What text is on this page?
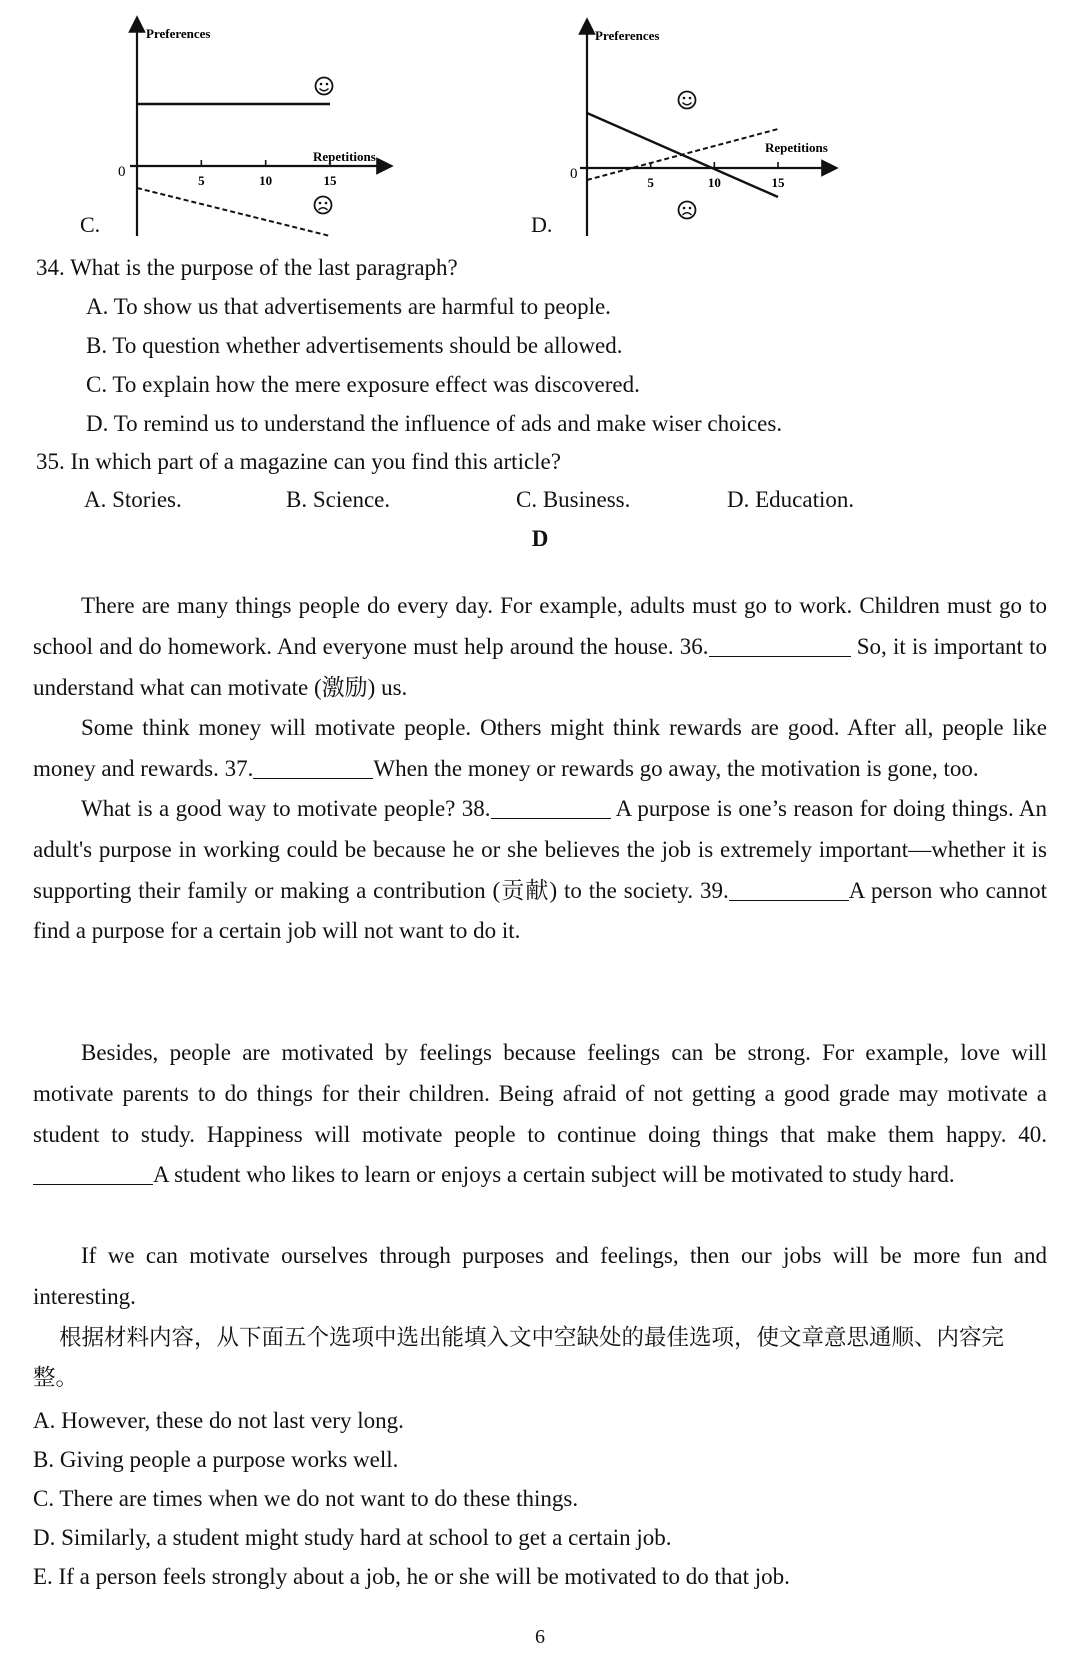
Preferences
Repetitions
0
5	10	15
C.
Preferences
Repetitions
0
5	10	15
D.
34. What is the purpose of the last paragraph?
A. To show us that advertisements are harmful to people.
B. To question whether advertisements should be allowed.
C. To explain how the mere exposure effect was discovered.
D. To remind us to understand the influence of ads and make wiser choices.
35. In which part of a magazine can you find this article?
A. Stories.	B. Science.	C. Business.	D. Education.
D

There are many things people do every day. For example, adults must go to work. Children must go to school and do homework. And everyone must help around the house. 36.	So, it is important to understand what can motivate (激励) us.

Some think money will motivate people. Others might think rewards are good. After all, people like money and rewards. 37.	When the money or rewards go away, the motivation is gone, too.

What is a good way to motivate people? 38.	A purpose is one’s reason for doing things. An adult's purpose in working could be because he or she believes the job is extremely important—whether it is supporting their family or making a contribution (贡献) to the society. 39.	A person who cannot find a purpose for a certain job will not want to do it.

Besides, people are motivated by feelings because feelings can be strong. For example, love will motivate parents to do things for their children. Being afraid of not getting a good grade may motivate a student to study. Happiness will motivate people to continue doing things that make them happy. 40.A student who likes to learn or enjoys a certain subject will be motivated to study hard.

If we can motivate ourselves through purposes and feelings, then our jobs will be more fun and interesting.

根据材料内容，从下面五个选项中选出能填入文中空缺处的最佳选项，使文章意思通顺、内容完整。

A. However, these do not last very long.
B. Giving people a purpose works well.
C. There are times when we do not want to do these things.
D. Similarly, a student might study hard at school to get a certain job.
E. If a person feels strongly about a job, he or she will be motivated to do that job.
6
